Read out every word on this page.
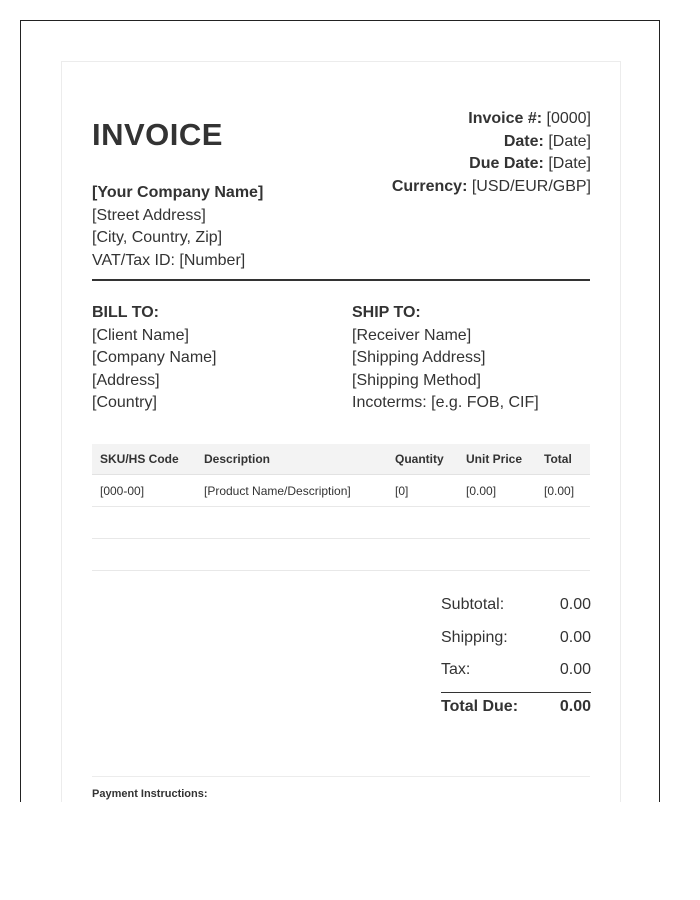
INVOICE
[Your Company Name]
[Street Address]
[City, Country, Zip]
VAT/Tax ID: [Number]
Invoice #: [0000]
Date: [Date]
Due Date: [Date]
Currency: [USD/EUR/GBP]
BILL TO:
[Client Name]
[Company Name]
[Address]
[Country]
SHIP TO:
[Receiver Name]
[Shipping Address]
[Shipping Method]
Incoterms: [e.g. FOB, CIF]
SKU/HS Code	Description	Quantity	Unit Price	Total
[000-00]	[Product Name/Description]	[0]	[0.00]	[0.00]

Subtotal:	0.00
Shipping:	0.00
Tax:	0.00
Total Due:	0.00
Payment Instructions:
